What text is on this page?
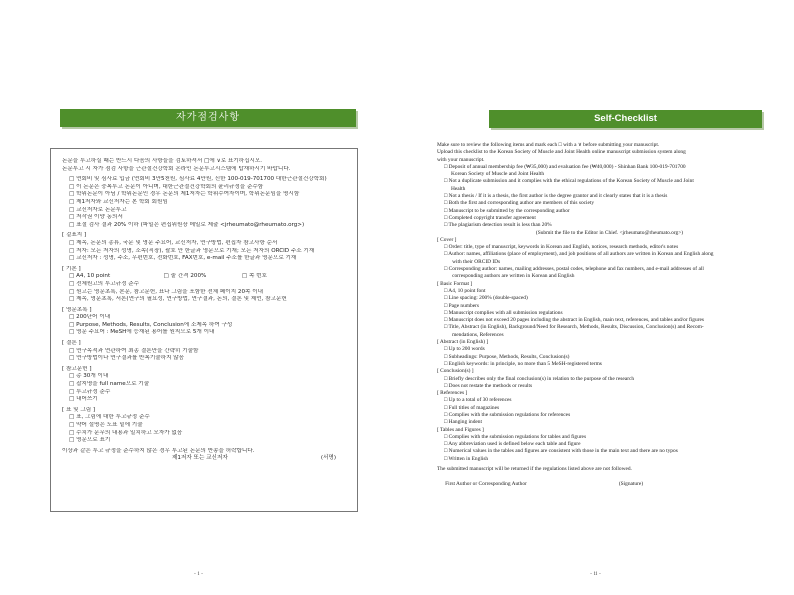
자가점검사항
논문을 투고하실 때는 반드시 다음의 사항들을 검토하셔서 □에 ∨로 표기하십시오.
논문투고 시 자가 점검 사항을 근관절건강학회 온라인 논문투고시스템에 탑재하시기 바랍니다.
□ 연회비 및 심사료 입금 (연회비 3만5천원, 심사료 4만원, 신한 100-019-701700 대한근관절건강학회)
□ 이 논문은 중복투고 논문이 아니며, 대한근관절건강학회의 윤리규정을 준수함
□ 학위논문이 아님 / 학위논문인 경우 논문의 제1저자는 학위수여자이며, 학위논문임을 명시함
□ 제1저자와 교신저자는 본 학회 회원임
□ 교신저자로 논문투고
□ 저작권 이양 동의서
□ 표절 검사 결과 20% 이하 (파일은 편집위원장 메일로 제출 <jrheumato@rheumato.org>)
[ 겉표지 ]
□ 제목, 논문의 종류, 국문 및 영문 주요어, 교신저자, 연구방법, 편집자 참고사항 순서
□ 저자: 모든 저자의 성명, 소속(직장), 괄호 안 한글과 영문으로 기재; 모든 저자의 ORCID 주소 기재
□ 교신저자 : 성명, 주소, 우편번호, 전화번호, FAX번호, e-mail 주소를 한글과 영문으로 기재
[ 기본 ]
□ A4, 10 point                              □ 줄 간격 200%                    □ 쪽 번호
□ 전체원고의 투고규정 준수
□ 원고는 영문초록, 본문, 참고문헌, 표나 그림을 포함한 전체 페이지 20쪽 이내
□ 제목, 영문초록, 서론(연구의 필요성, 연구방법, 연구결과, 논의, 결론 및 제언, 참고문헌
[ 영문초록 ]
□ 200단어 이내
□ Purpose, Methods, Results, Conclusion에 소제목 하여 구성
□ 영문 주요어 : MeSH에 등재된 용어를 원칙으로 5개 이내
[ 결론 ]
□ 연구목적과 연관하여 최종 결론만을 간략히 기술함
□ 연구방법이나 연구결과를 반복기술하지 않음
[ 참고문헌 ]
□ 총 30개 이내
□ 잡지명을 full name으로 기술
□ 투고규정 준수
□ 내어쓰기
[ 표 및 그림 ]
□ 표, 그림에 대한 투고규정 준수
□ 약어 설명은 도표 밑에 기술
□ 수치가 문무의 내용과 일치하고 오자가 없음
□ 영문으로 표기
이상과 같은 투고 규정을 준수하지 않은 경우 투고된 논문의 반송을 허락합니다.
제1저자 또는 교신저자	(서명)
- i -
Self-Checklist
Make sure to review the following items and mark each □ with a ∨ before submitting your manuscript.
Upload this checklist to the Korean Society of Muscle and Joint Health online manuscript submission system along
with your manuscript.
□ Deposit of annual membership fee (₩35,000) and evaluation fee (₩40,000) - Shinhan Bank 100-019-701700
Korean Society of Muscle and Joint Health
□ Not a duplicate submission and it complies with the ethical regulations of the Korean Society of Muscle and Joint
Health
□ Not a thesis / If it is a thesis, the first author is the degree grantor and it clearly states that it is a thesis
□ Both the first and corresponding author are members of this society
□ Manuscript to be submitted by the corresponding author
□ Completed copyright transfer agreement
□ The plagiarism detection result is less than 20%
(Submit the file to the Editor in Chief. <jrheumato@rheumato.org>)
[ Cover ]
□ Order: title, type of manuscript, keywords in Korean and English, notices, research methods, editor's notes
□ Author: names, affiliations (place of employment), and job positions of all authors are written in Korean and English along
with their ORCID IDs
□ Corresponding author: names, mailing addresses, postal codes, telephone and fax numbers, and e-mail addresses of all
corresponding authors are written in Korean and English
[ Basic Format ]
□ A4, 10 point font
□ Line spacing: 200% (double-spaced)
□ Page numbers
□ Manuscript complies with all submission regulations
□ Manuscript does not exceed 20 pages including the abstract in English, main text, references, and tables and/or figures
□ Title, Abstract (in English), Background/Need for Research, Methods, Results, Discussion, Conclusion(s) and Recom-
mendations, References
[ Abstract (in English) ]
□ Up to 200 words
□ Subheadings: Purpose, Methods, Results, Conclusion(s)
□ English keywords: in principle, no more than 5 MeSH-registered terms
[ Conclusion(s) ]
□ Briefly describes only the final conclusion(s) in relation to the purpose of the research
□ Does not restate the methods or results
[ References ]
□ Up to a total of 30 references
□ Full titles of magazines
□ Complies with the submission regulations for references
□ Hanging indent
[ Tables and Figures ]
□ Complies with the submission regulations for tables and figures
□ Any abbreviation used is defined below each table and figure
□ Numerical values in the tables and figures are consistent with those in the main text and there are no typos
□ Written in English
The submitted manuscript will be returned if the regulations listed above are not followed.

First Author or Corresponding Author	(Signature)

- ii -
